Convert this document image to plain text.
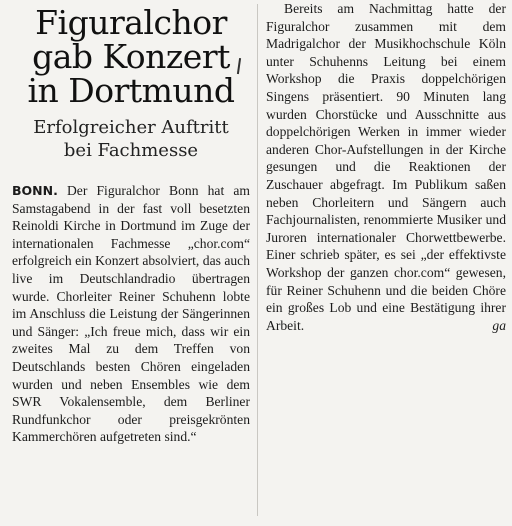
Figuralchor
gab Konzert
in Dortmund
Erfolgreicher Auftritt
bei Fachmesse

BONN. Der Figuralchor Bonn hat am Samstagabend in der fast voll besetzten Reinoldi Kirche in Dortmund im Zuge der internationalen Fachmesse „chor.com“ erfolgreich ein Konzert absolviert, das auch live im Deutschlandradio übertragen wurde. Chorleiter Reiner Schuhenn lobte im Anschluss die Leistung der Sängerinnen und Sänger: „Ich freue mich, dass wir ein zweites Mal zu dem Treffen von Deutschlands besten Chören eingeladen wurden und neben Ensembles wie dem SWR Vokalensemble, dem Berliner Rundfunkchor oder preisgekrönten Kammerchören aufgetreten sind.“

Bereits am Nachmittag hatte der Figuralchor zusammen mit dem Madrigalchor der Musikhochschule Köln unter Schuhenns Leitung bei einem Workshop die Praxis doppelchörigen Singens präsentiert. 90 Minuten lang wurden Chorstücke und Ausschnitte aus doppelchörigen Werken in immer wieder anderen Chor-Aufstellungen in der Kirche gesungen und die Reaktionen der Zuschauer abgefragt. Im Publikum saßen neben Chorleitern und Sängern auch Fachjournalisten, renommierte Musiker und Juroren internationaler Chorwettbewerbe. Einer schrieb später, es sei „der effektivste Workshop der ganzen chor.com“ gewesen, für Reiner Schuhenn und die beiden Chöre ein großes Lob und eine Bestätigung ihrer Arbeit.	ga
